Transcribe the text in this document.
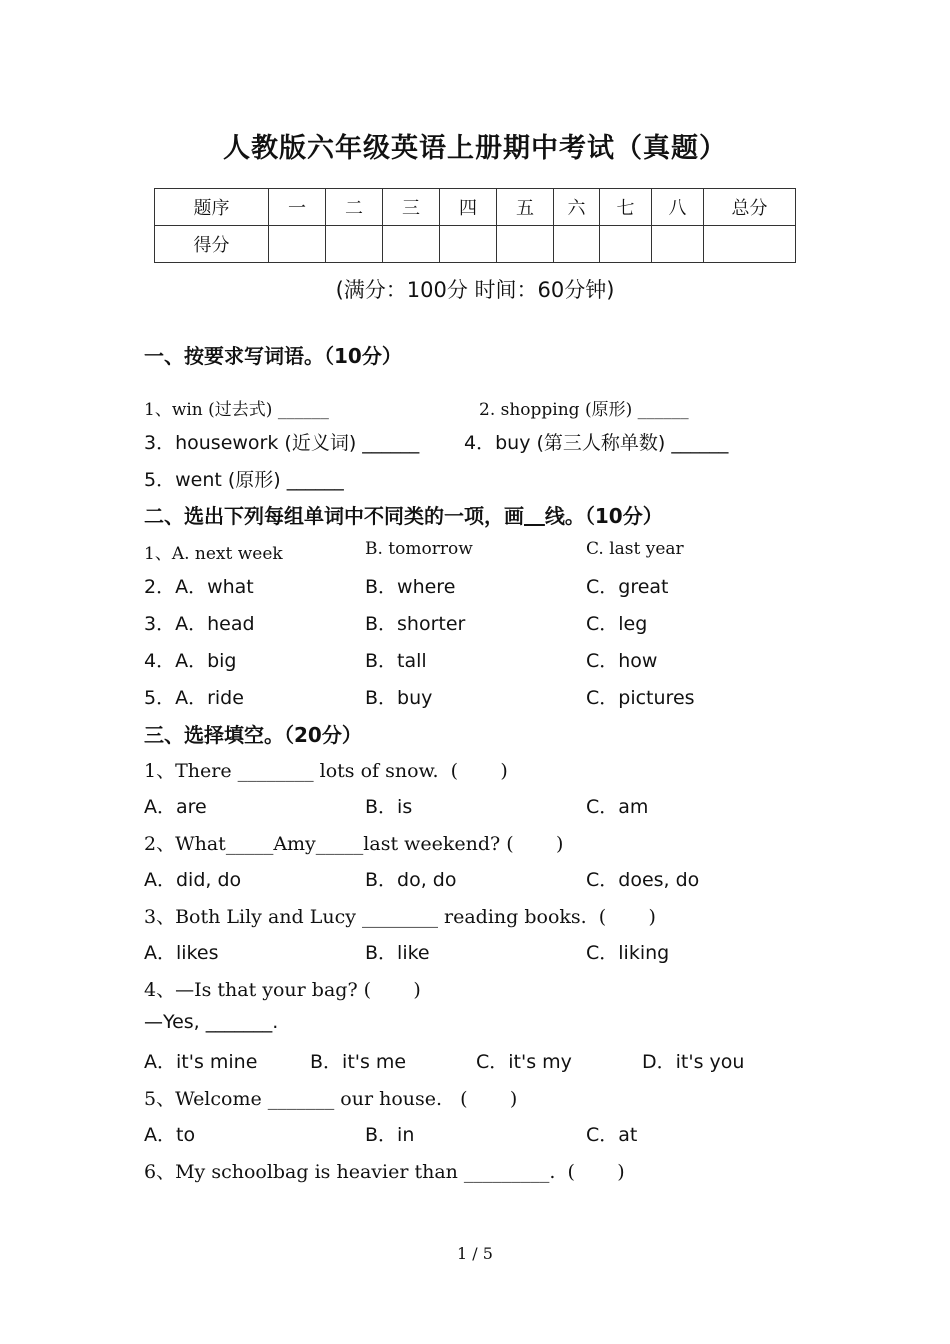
人教版六年级英语上册期中考试（真题）
题序	一	二	三	四	五	六	七	八	总分
得分									
(满分：100分 时间：60分钟)
一、按要求写词语。（10分）
1、win (过去式) ______	2. shopping (原形) ______
3．housework (近义词) ______ 4．buy (第三人称单数) ______
5．went (原形) ______
二、选出下列每组单词中不同类的一项，画 线。（10分）
1、A. next week	B. tomorrow	C. last year
2．A．what	B．where	C．great
3．A．head	B．shorter	C．leg
4．A．big	B．tall	C．how
5．A．ride	B．buy	C．pictures
三、选择填空。（20分）
1、There ________ lots of snow.  (       )
A．are	B．is	C．am
2、What_____Amy_____last weekend? (       )
A．did, do	B．do, do	C．does, do
3、Both Lily and Lucy ________ reading books.  (       )
A．likes	B．like	C．liking
4、—Is that your bag? (       )
—Yes, _______.
A．it's mine	B．it's me	C．it's my	D．it's you
5、Welcome _______ our house.   (       )
A．to	B．in	C．at
6、My schoolbag is heavier than _________.  (       )
1 / 5
